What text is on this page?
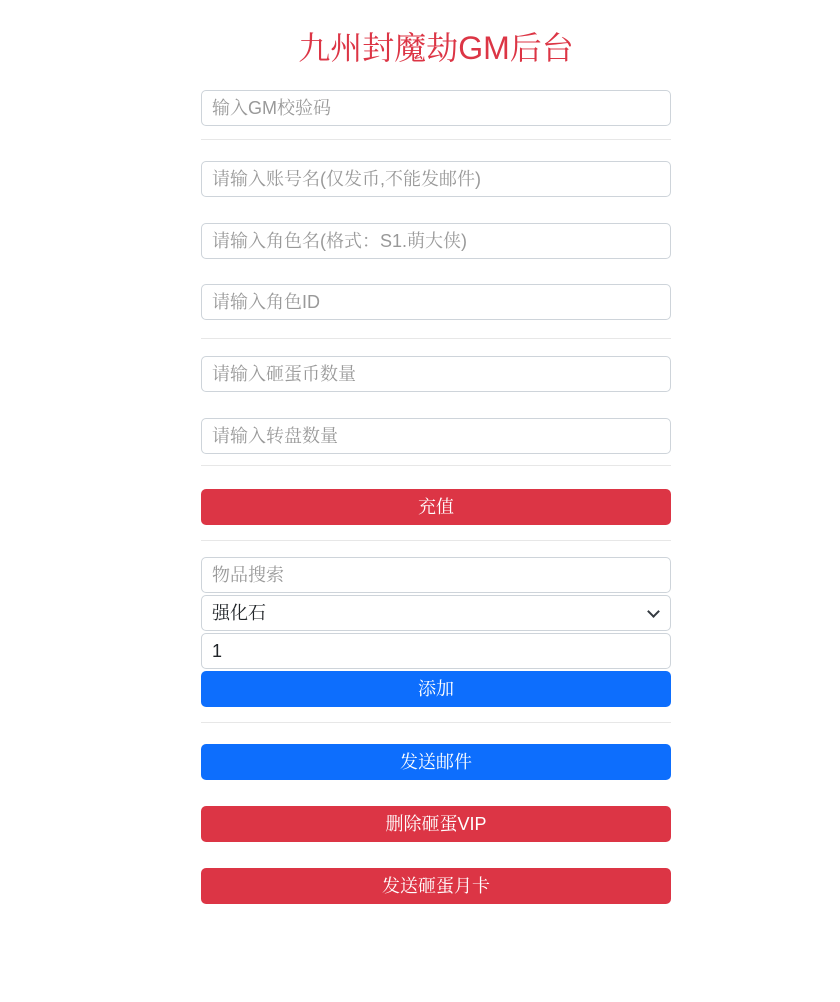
九州封魔劫GM后台
输入GM校验码
请输入账号名(仅发币,不能发邮件)
请输入角色名(格式：S1.萌大侠)
请输入角色ID
请输入砸蛋币数量
请输入转盘数量
充值
物品搜索
强化石
1
添加
发送邮件
删除砸蛋VIP
发送砸蛋月卡
